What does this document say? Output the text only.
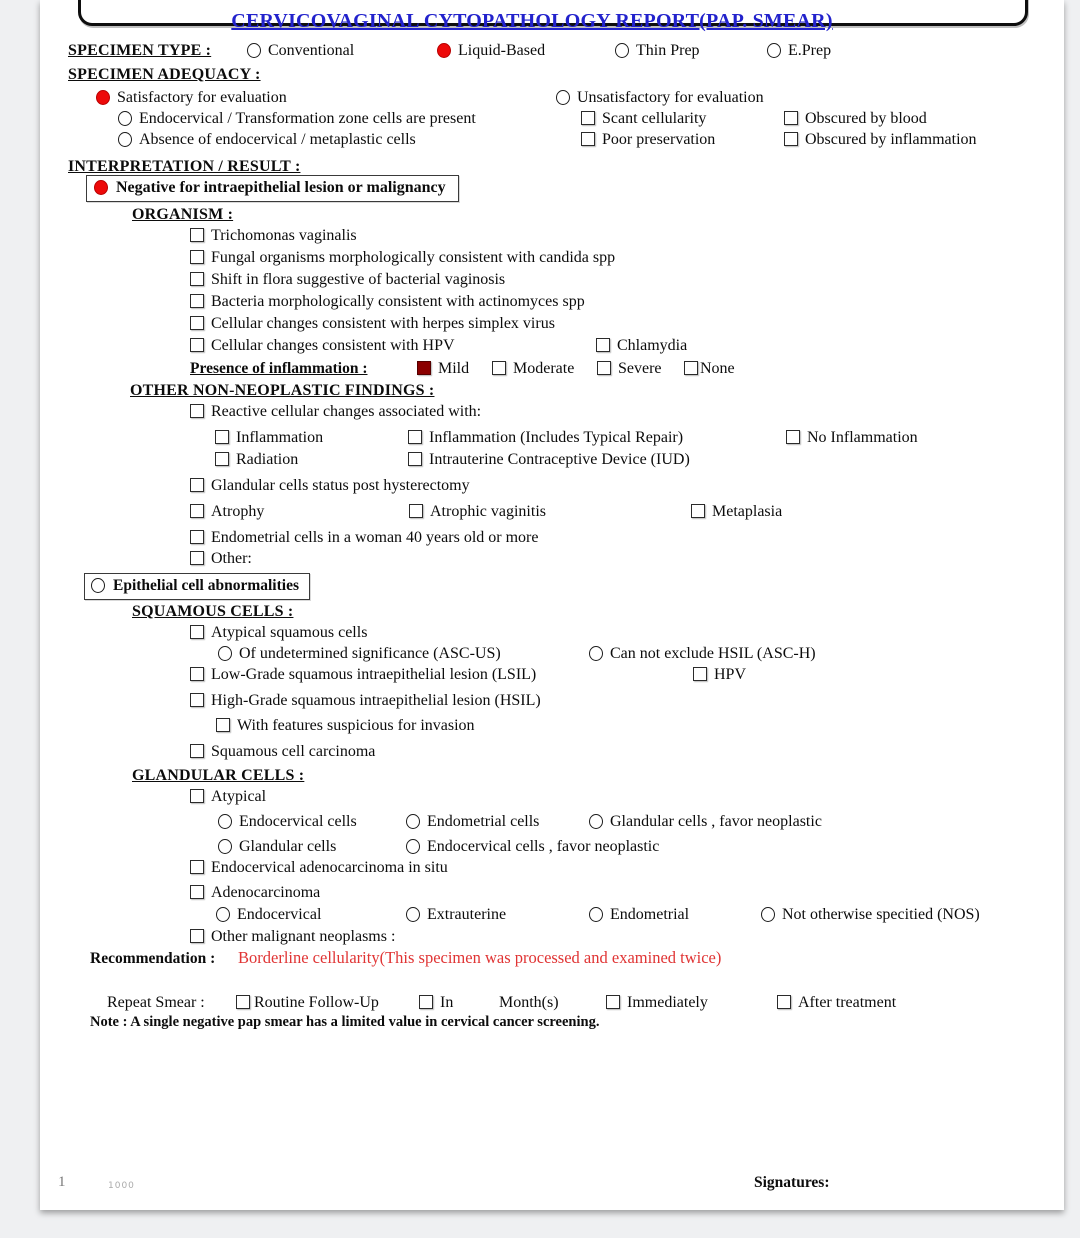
CERVICOVAGINAL CYTOPATHOLOGY REPORT(PAP. SMEAR)
SPECIMEN TYPE :	Conventional	Liquid-Based	Thin Prep	E.Prep
SPECIMEN ADEQUACY :
Satisfactory for evaluation	Unsatisfactory for evaluation
Endocervical / Transformation zone cells are present	Scant cellularity	Obscured by blood
Absence of endocervical / metaplastic cells	Poor preservation	Obscured by inflammation
INTERPRETATION / RESULT :
Negative for intraepithelial lesion or malignancy
ORGANISM :
Trichomonas vaginalis
Fungal organisms morphologically consistent with candida spp
Shift in flora suggestive of bacterial vaginosis
Bacteria morphologically consistent with actinomyces spp
Cellular changes consistent with herpes simplex virus
Cellular changes consistent with HPV	Chlamydia
Presence of inflammation :	Mild	Moderate	Severe	None
OTHER NON-NEOPLASTIC FINDINGS :
Reactive cellular changes associated with:
Inflammation	Inflammation (Includes Typical Repair)	No Inflammation
Radiation	Intrauterine Contraceptive Device (IUD)
Glandular cells status post hysterectomy
Atrophy	Atrophic vaginitis	Metaplasia
Endometrial cells in a woman 40 years old or more
Other:
Epithelial cell abnormalities
SQUAMOUS CELLS :
Atypical squamous cells
Of undetermined significance (ASC-US)	Can not exclude HSIL (ASC-H)
Low-Grade squamous intraepithelial lesion (LSIL)	HPV
High-Grade squamous intraepithelial lesion (HSIL)
With features suspicious for invasion
Squamous cell carcinoma
GLANDULAR CELLS :
Atypical
Endocervical cells	Endometrial cells	Glandular cells , favor neoplastic
Glandular cells	Endocervical cells , favor neoplastic
Endocervical adenocarcinoma in situ
Adenocarcinoma
Endocervical	Extrauterine	Endometrial	Not otherwise specitied (NOS)
Other malignant neoplasms :
Recommendation : Borderline cellularity(This specimen was processed and examined twice)
Repeat Smear :	Routine Follow-Up	In	Month(s)	Immediately	After treatment
Note : A single negative pap smear has a limited value in cervical cancer screening.
1	1000	Signatures:
